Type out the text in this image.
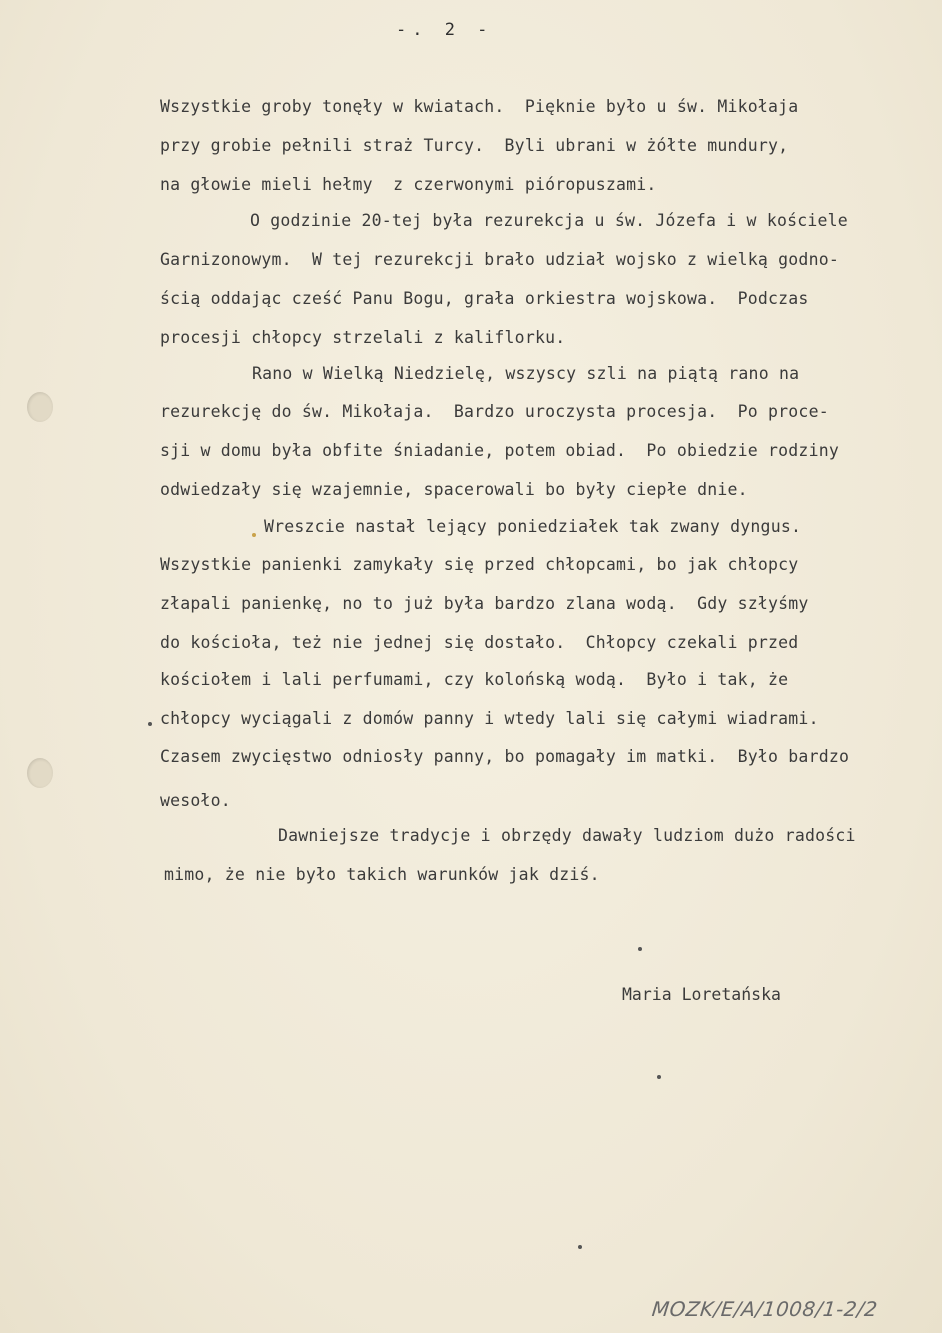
-. 2 -
Wszystkie groby tonęły w kwiatach.  Pięknie było u św. Mikołaja
przy grobie pełnili straż Turcy.  Byli ubrani w żółte mundury,
na głowie mieli hełmy  z czerwonymi pióropuszami.
O godzinie 20-tej była rezurekcja u św. Józefa i w kościele
Garnizonowym.  W tej rezurekcji brało udział wojsko z wielką godno-
ścią oddając cześć Panu Bogu, grała orkiestra wojskowa.  Podczas
procesji chłopcy strzelali z kaliflorku.
Rano w Wielką Niedzielę, wszyscy szli na piątą rano na
rezurekcję do św. Mikołaja.  Bardzo uroczysta procesja.  Po proce-
sji w domu była obfite śniadanie, potem obiad.  Po obiedzie rodziny
odwiedzały się wzajemnie, spacerowali bo były ciepłe dnie.
Wreszcie nastał lejący poniedziałek tak zwany dyngus.
Wszystkie panienki zamykały się przed chłopcami, bo jak chłopcy
złapali panienkę, no to już była bardzo zlana wodą.  Gdy szłyśmy
do kościoła, też nie jednej się dostało.  Chłopcy czekali przed
kościołem i lali perfumami, czy kolońską wodą.  Było i tak, że
chłopcy wyciągali z domów panny i wtedy lali się całymi wiadrami.
Czasem zwycięstwo odniosły panny, bo pomagały im matki.  Było bardzo
wesoło.
Dawniejsze tradycje i obrzędy dawały ludziom dużo radości
mimo, że nie było takich warunków jak dziś.
Maria Loretańska
MOZK/E/A/1008/1-2/2
